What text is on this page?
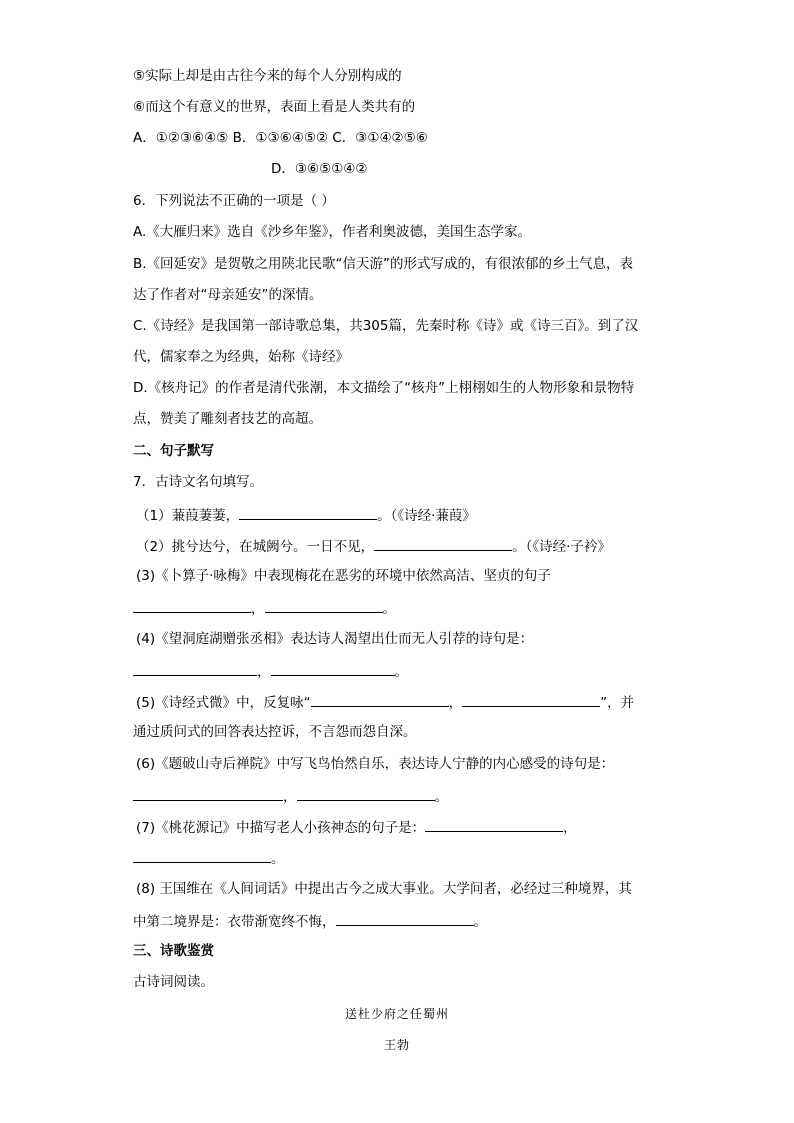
⑤实际上却是由古往今来的每个人分别构成的
⑥而这个有意义的世界，表面上看是人类共有的
A．①②③⑥④⑤ B．①③⑥④⑤② C．③①④②⑤⑥
D．③⑥⑤①④②
6．下列说法不正确的一项是（ ）
A.《大雁归来》选自《沙乡年鉴》，作者利奥波德，美国生态学家。
B.《回延安》是贺敬之用陕北民歌“信天游”的形式写成的，有很浓郁的乡土气息，表
达了作者对“母亲延安”的深情。
C.《诗经》是我国第一部诗歌总集，共305篇，先秦时称《诗》或《诗三百》。到了汉
代，儒家奉之为经典，始称《诗经》
D.《核舟记》的作者是清代张潮，本文描绘了“核舟”上栩栩如生的人物形象和景物特
点，赞美了雕刻者技艺的高超。
二、句子默写
7．古诗文名句填写。
（1）蒹葭萋萋，	。（《诗经·蒹葭》
（2）挑兮达兮，在城阙兮。一日不见，	。（《诗经·子衿》
(3)《卜算子·咏梅》中表现梅花在恶劣的环境中依然高洁、坚贞的句子
，	。
(4)《望洞庭湖赠张丞相》表达诗人渴望出仕而无人引荐的诗句是：
，	。
(5)《诗经式微》中，反复咏“	，	”，并
通过质问式的回答表达控诉，不言怨而怨自深。
(6)《题破山寺后禅院》中写飞鸟怡然自乐，表达诗人宁静的内心感受的诗句是：
，	。
(7)《桃花源记》中描写老人小孩神态的句子是：	，
。
(8) 王国维在《人间词话》中提出古今之成大事业。大学问者，必经过三种境界，其
中第二境界是：衣带渐宽终不悔，	。
三、诗歌鉴赏
古诗词阅读。
送杜少府之任蜀州
王勃
